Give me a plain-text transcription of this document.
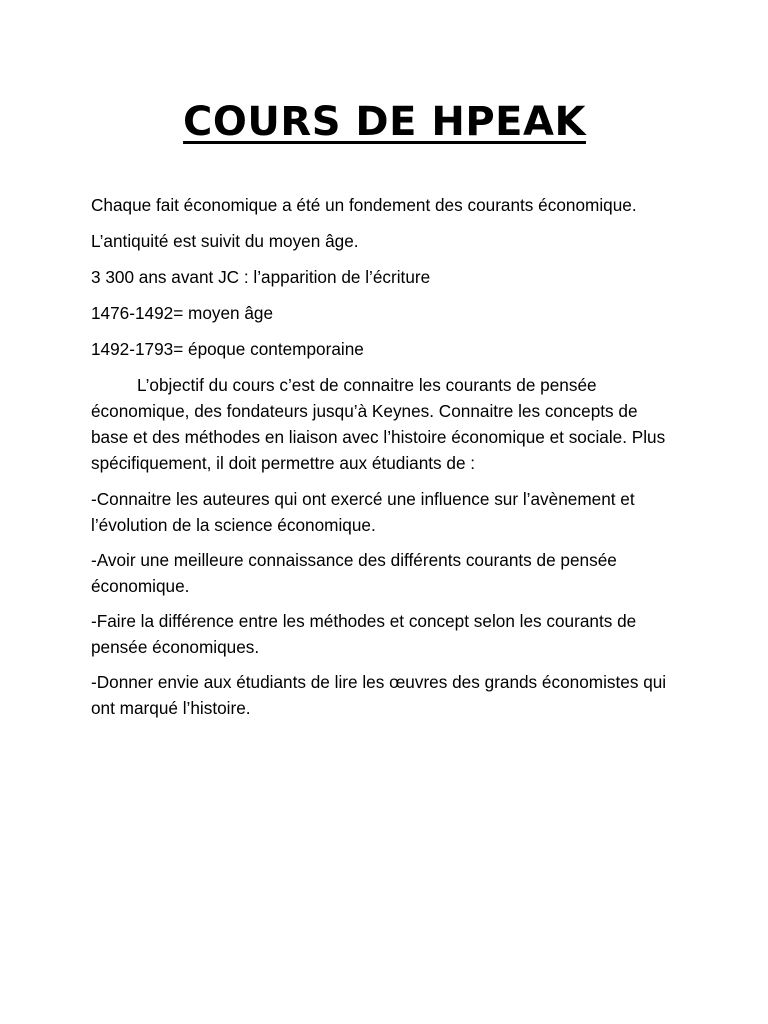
COURS DE HPEAK

Chaque fait économique a été un fondement des courants économique.

L’antiquité est suivit du moyen âge.

3 300 ans avant JC : l’apparition de l’écriture

1476-1492= moyen âge

1492-1793= époque contemporaine

L’objectif du cours c’est de connaitre les courants de pensée économique, des fondateurs jusqu’à Keynes. Connaitre les concepts de base et des méthodes en liaison avec l’histoire économique et sociale. Plus spécifiquement, il doit permettre aux étudiants de :

-Connaitre les auteures qui ont exercé une influence sur l’avènement et l’évolution de la science économique.

-Avoir une meilleure connaissance des différents courants de pensée économique.

-Faire la différence entre les méthodes et concept selon les courants de pensée économiques.

-Donner envie aux étudiants de lire les œuvres des grands économistes qui ont marqué l’histoire.
